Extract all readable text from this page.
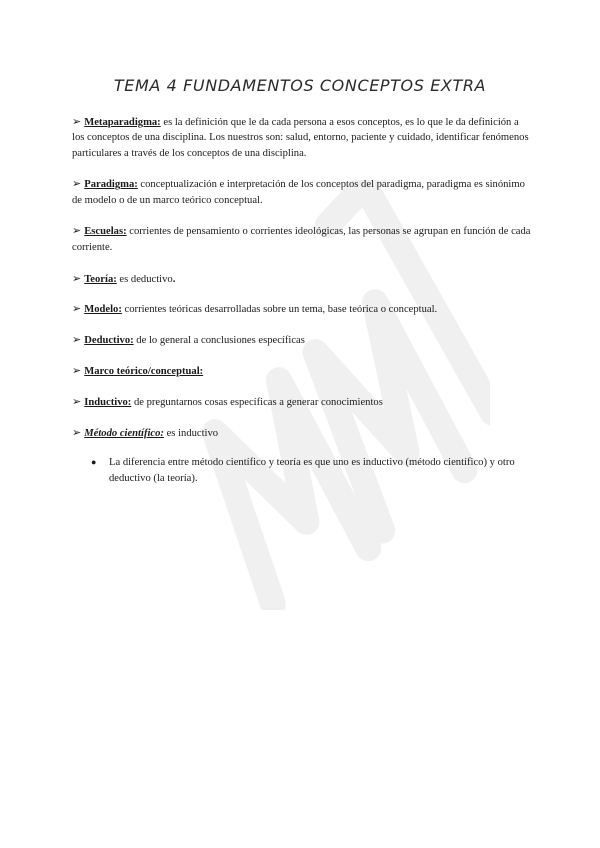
TEMA 4 FUNDAMENTOS CONCEPTOS EXTRA
➢ Metaparadigma: es la definición que le da cada persona a esos conceptos, es lo que le da definición a los conceptos de una disciplina. Los nuestros son: salud, entorno, paciente y cuidado, identificar fenómenos particulares a través de los conceptos de una disciplina.
➢ Paradigma: conceptualización e interpretación de los conceptos del paradigma, paradigma es sinónimo de modelo o de un marco teórico conceptual.
➢ Escuelas: corrientes de pensamiento o corrientes ideológicas, las personas se agrupan en función de cada corriente.
➢ Teoría: es deductivo.
➢ Modelo: corrientes teóricas desarrolladas sobre un tema, base teórica o conceptual.
➢ Deductivo: de lo general a conclusiones específicas
➢ Marco teórico/conceptual:
➢ Inductivo: de preguntarnos cosas específicas a generar conocimientos
➢ Método científico: es inductivo
● La diferencia entre método científico y teoría es que uno es inductivo (método científico) y otro deductivo (la teoría).
